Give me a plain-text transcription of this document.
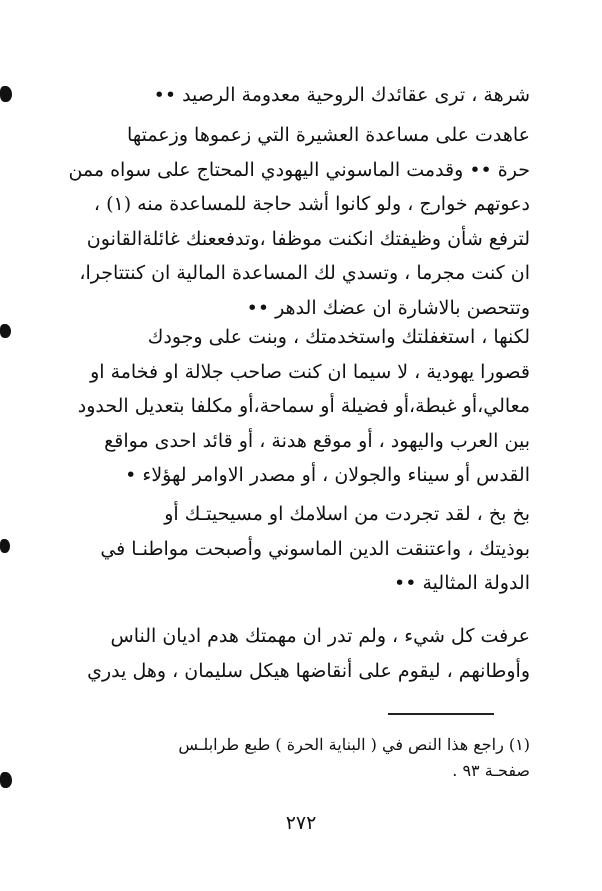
شرهة ، ترى عقائدك الروحية معدومة الرصيد ••
عاهدت على مساعدة العشيرة التي زعموها وزعمتها
حرة •• وقدمت الماسوني اليهودي المحتاج على سواه ممن
دعوتهم خوارج ، ولو كانوا أشد حاجة للمساعدة منه (١) ،
لترفع شأن وظيفتك انكنت موظفا ،وتدفععنك غائلةالقانون
ان كنت مجرما ، وتسدي لك المساعدة المالية ان كنتتاجرا،
وتتحصن بالاشارة ان عضك الدهر ••
لكنها ، استغفلتك واستخدمتك ، وبنت على وجودك
قصورا يهودية ، لا سيما ان كنت صاحب جلالة او فخامة او
معالي،أو غبطة،أو فضيلة أو سماحة،أو مكلفا بتعديل الحدود
بين العرب واليهود ، أو موقع هدنة ، أو قائد احدى مواقع
القدس أو سيناء والجولان ، أو مصدر الاوامر لهؤلاء •
بخ بخ ، لقد تجردت من اسلامك او مسيحيتـك أو
بوذيتك ، واعتنقت الدين الماسوني وأصبحت مواطنـا في
الدولة المثالية ••
عرفت كل شيء ، ولم تدر ان مهمتك هدم اديان الناس
وأوطانهم ، ليقوم على أنقاضها هيكل سليمان ، وهل يدري
(١) راجع هذا النص في ( البناية الحرة ) طبع طرابلـس
صفحـة ٩٣ .
٢٧٢
